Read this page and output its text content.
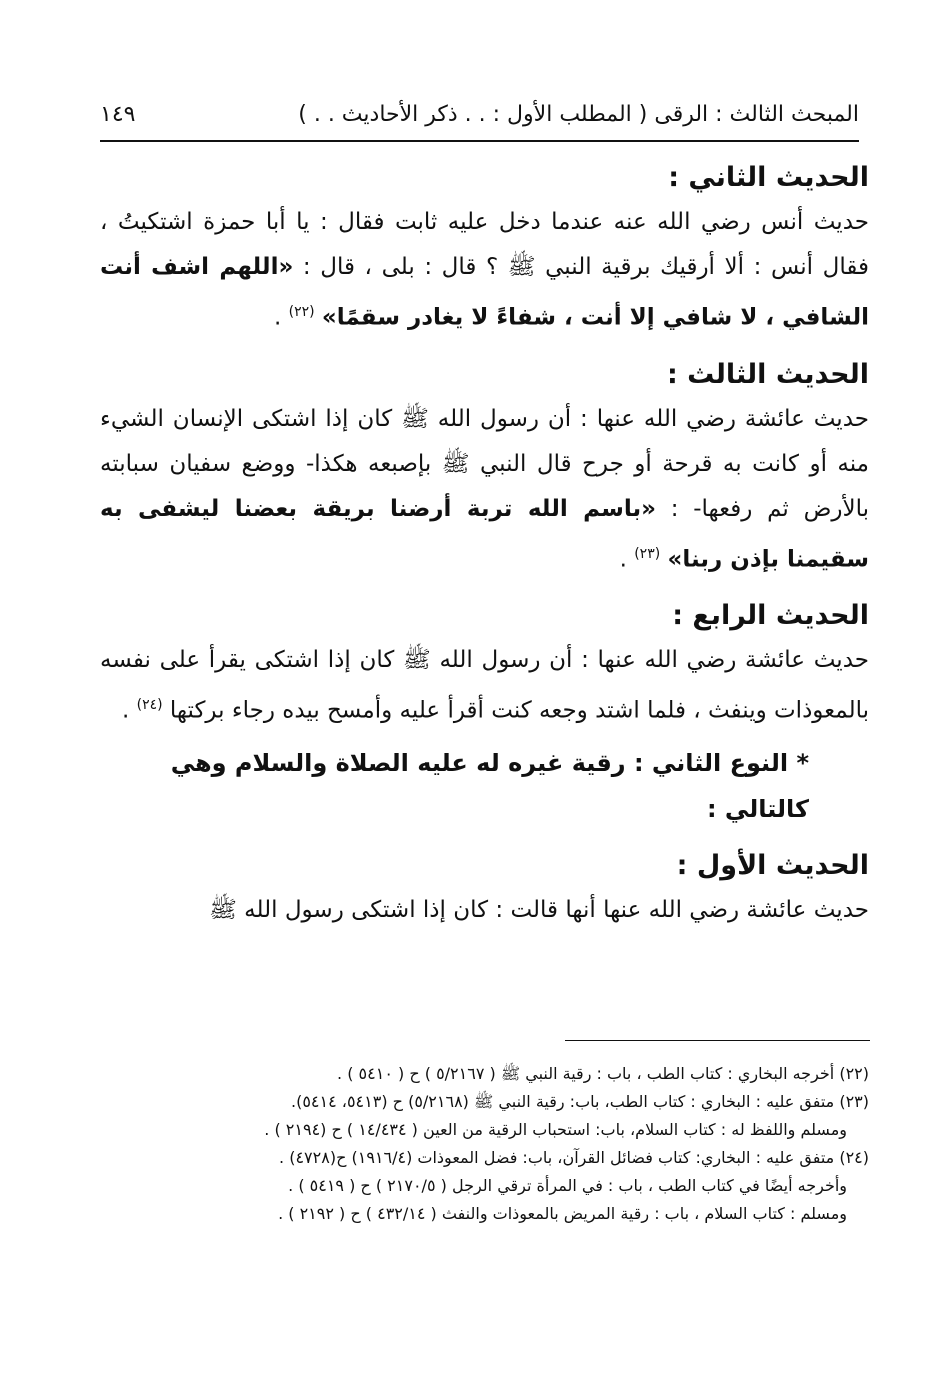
المبحث الثالث : الرقى ( المطلب الأول : . . ذكر الأحاديث . . )
١٤٩
الحديث الثاني :

حديث أنس رضي الله عنه عندما دخل عليه ثابت فقال : يا أبا حمزة اشتكيتُ ، فقال أنس : ألا أرقيك برقية النبي ﷺ ؟ قال : بلى ، قال : «اللهم اشف أنت الشافي ، لا شافي إلا أنت ، شفاءً لا يغادر سقمًا» $^{(٢٢)}$ .

الحديث الثالث :

حديث عائشة رضي الله عنها : أن رسول الله ﷺ كان إذا اشتكى الإنسان الشيء منه أو كانت به قرحة أو جرح قال النبي ﷺ بإصبعه هكذا- ووضع سفيان سبابته بالأرض ثم رفعها- : «باسم الله تربة أرضنا بريقة بعضنا ليشفى به سقيمنا بإذن ربنا» $^{(٢٣)}$ .

الحديث الرابع :

حديث عائشة رضي الله عنها : أن رسول الله ﷺ كان إذا اشتكى يقرأ على نفسه بالمعوذات وينفث ، فلما اشتد وجعه كنت أقرأ عليه وأمسح بيده رجاء بركتها $^{(٢٤)}$ .

* النوع الثاني : رقية غيره له عليه الصلاة والسلام وهي كالتالي :

الحديث الأول :

حديث عائشة رضي الله عنها أنها قالت : كان إذا اشتكى رسول الله ﷺ

(٢٢) أخرجه البخاري : كتاب الطب ، باب : رقية النبي ﷺ ( ٥/٢١٦٧ ) ح ( ٥٤١٠ ) .

(٢٣) متفق عليه : البخاري : كتاب الطب، باب: رقية النبي ﷺ (٥/٢١٦٨) ح (٥٤١٣، ٥٤١٤).

ومسلم واللفظ له : كتاب السلام، باب: استحباب الرقية من العين ( ١٤/٤٣٤ ) ح (٢١٩٤ ) .

(٢٤) متفق عليه : البخاري: كتاب فضائل القرآن، باب: فضل المعوذات (١٩١٦/٤) ح(٤٧٢٨) .

وأخرجه أيضًا في كتاب الطب ، باب : في المرأة ترقي الرجل ( ٢١٧٠/٥ ) ح ( ٥٤١٩ ) .

ومسلم : كتاب السلام ، باب : رقية المريض بالمعوذات والنفث ( ٤٣٢/١٤ ) ح ( ٢١٩٢ ) .
